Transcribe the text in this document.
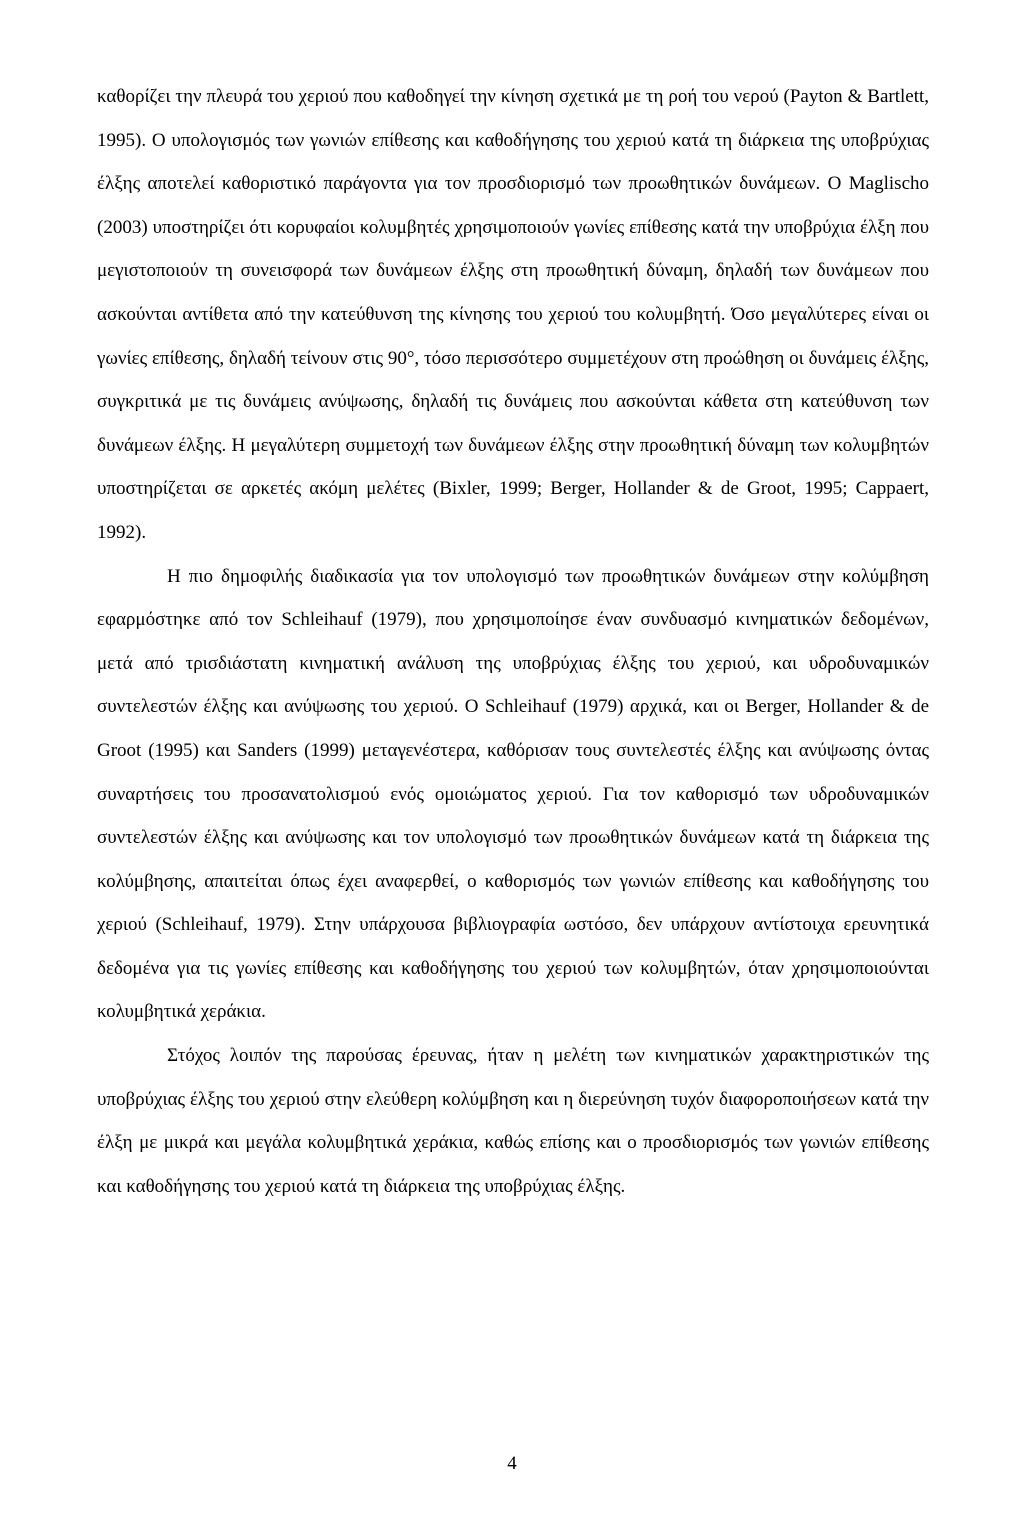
καθορίζει την πλευρά του χεριού που καθοδηγεί την κίνηση σχετικά με τη ροή του νερού (Payton & Bartlett, 1995). Ο υπολογισμός των γωνιών επίθεσης και καθοδήγησης του χεριού κατά τη διάρκεια της υποβρύχιας έλξης αποτελεί καθοριστικό παράγοντα για τον προσδιορισμό των προωθητικών δυνάμεων. Ο Maglischo (2003) υποστηρίζει ότι κορυφαίοι κολυμβητές χρησιμοποιούν γωνίες επίθεσης κατά την υποβρύχια έλξη που μεγιστοποιούν τη συνεισφορά των δυνάμεων έλξης στη προωθητική δύναμη, δηλαδή των δυνάμεων που ασκούνται αντίθετα από την κατεύθυνση της κίνησης του χεριού του κολυμβητή. Όσο μεγαλύτερες είναι οι γωνίες επίθεσης, δηλαδή τείνουν στις 90°, τόσο περισσότερο συμμετέχουν στη προώθηση οι δυνάμεις έλξης, συγκριτικά με τις δυνάμεις ανύψωσης, δηλαδή τις δυνάμεις που ασκούνται κάθετα στη κατεύθυνση των δυνάμεων έλξης. Η μεγαλύτερη συμμετοχή των δυνάμεων έλξης στην προωθητική δύναμη των κολυμβητών υποστηρίζεται σε αρκετές ακόμη μελέτες (Bixler, 1999; Berger, Hollander & de Groot, 1995; Cappaert, 1992).

Η πιο δημοφιλής διαδικασία για τον υπολογισμό των προωθητικών δυνάμεων στην κολύμβηση εφαρμόστηκε από τον Schleihauf (1979), που χρησιμοποίησε έναν συνδυασμό κινηματικών δεδομένων, μετά από τρισδιάστατη κινηματική ανάλυση της υποβρύχιας έλξης του χεριού, και υδροδυναμικών συντελεστών έλξης και ανύψωσης του χεριού. Ο Schleihauf (1979) αρχικά, και οι Berger, Hollander & de Groot (1995) και Sanders (1999) μεταγενέστερα, καθόρισαν τους συντελεστές έλξης και ανύψωσης όντας συναρτήσεις του προσανατολισμού ενός ομοιώματος χεριού. Για τον καθορισμό των υδροδυναμικών συντελεστών έλξης και ανύψωσης και τον υπολογισμό των προωθητικών δυνάμεων κατά τη διάρκεια της κολύμβησης, απαιτείται όπως έχει αναφερθεί, ο καθορισμός των γωνιών επίθεσης και καθοδήγησης του χεριού (Schleihauf, 1979). Στην υπάρχουσα βιβλιογραφία ωστόσο, δεν υπάρχουν αντίστοιχα ερευνητικά δεδομένα για τις γωνίες επίθεσης και καθοδήγησης του χεριού των κολυμβητών, όταν χρησιμοποιούνται κολυμβητικά χεράκια.

Στόχος λοιπόν της παρούσας έρευνας, ήταν η μελέτη των κινηματικών χαρακτηριστικών της υποβρύχιας έλξης του χεριού στην ελεύθερη κολύμβηση και η διερεύνηση τυχόν διαφοροποιήσεων κατά την έλξη με μικρά και μεγάλα κολυμβητικά χεράκια, καθώς επίσης και ο προσδιορισμός των γωνιών επίθεσης και καθοδήγησης του χεριού κατά τη διάρκεια της υποβρύχιας έλξης.

4
